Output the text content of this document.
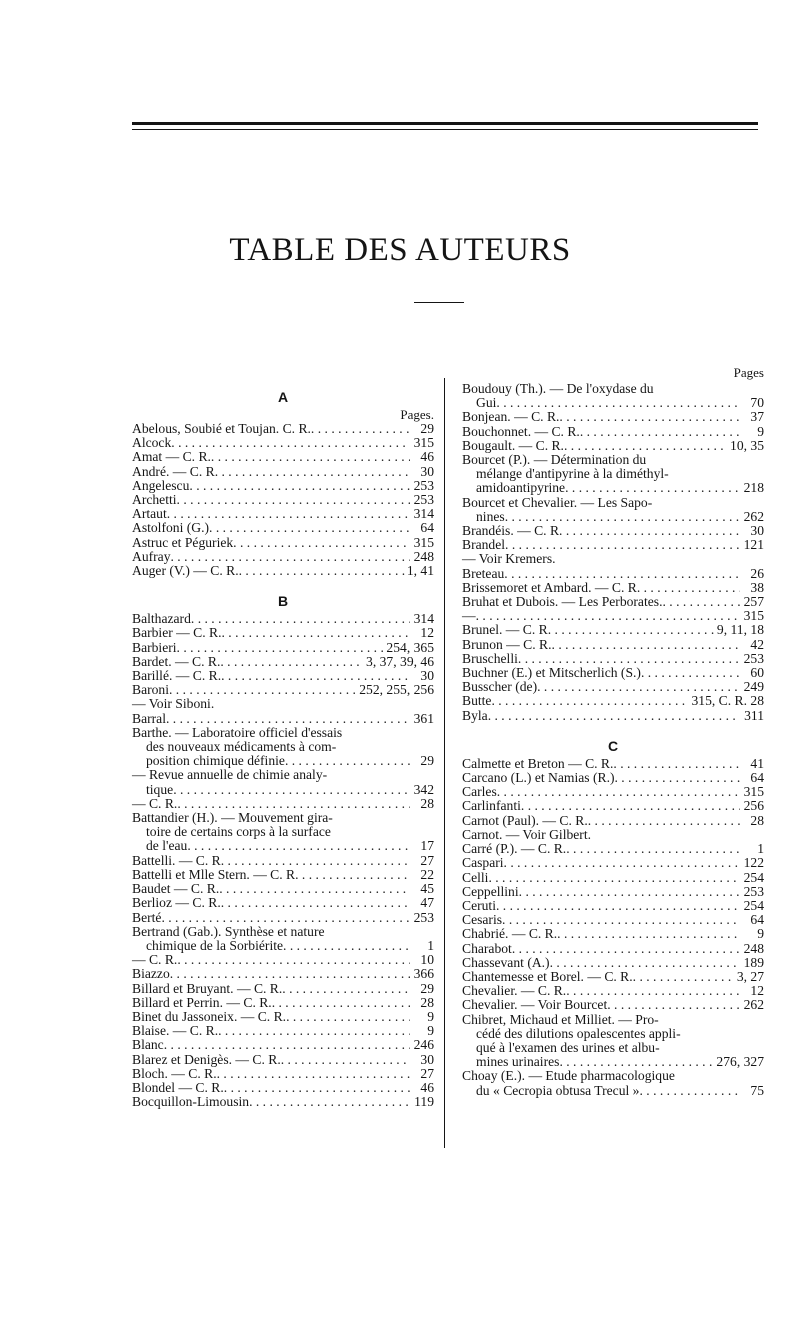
TABLE DES AUTEURS
A
Pages.
Abelous, Soubié et Toujan. C. R. . . .	29
Alcock . . .	315
Amat — C. R. . . .	46
André. — C. R . . .	30
Angelescu . . .	253
Archetti . . .	253
Artaut . . .	314
Astolfoni (G.) . . .	64
Astruc et Péguriek . . .	315
Aufray . . .	248
Auger (V.) — C. R. . . .	1, 41
B
Balthazard . . .	314
Barbier — C. R. . . .	12
Barbieri . . .	254, 365
Bardet. — C. R. . . .	3, 37, 39, 46
Barillé. — C. R. . . .	30
Baroni . . .	252, 255, 256
— Voir Siboni.
Barral . . .	361
Barthe. — Laboratoire officiel d'essais
des nouveaux médicaments à com-
position chimique définie . . .	29
— Revue annuelle de chimie analy-
tique . . .	342
— C. R. . . .	28
Battandier (H.). — Mouvement gira-
toire de certains corps à la surface
de l'eau . . .	17
Battelli. — C. R . . .	27
Battelli et Mlle Stern. — C. R . . .	22
Baudet — C. R. . . .	45
Berlioz — C. R. . . .	47
Berté . . .	253
Bertrand (Gab.). Synthèse et nature
chimique de la Sorbiérite . . .	1
— C. R. . . .	10
Biazzo . . .	366
Billard et Bruyant. — C. R. . . .	29
Billard et Perrin. — C. R. . . .	28
Binet du Jassoneix. — C. R. . . .	9
Blaise. — C. R. . . .	9
Blanc . . .	246
Blarez et Denigès. — C. R. . . .	30
Bloch. — C. R. . . .	27
Blondel — C. R. . . .	46
Bocquillon-Limousin . . .	119
Pages
Boudouy (Th.). — De l'oxydase du
Gui . . .	70
Bonjean. — C. R. . . .	37
Bouchonnet. — C. R. . . .	9
Bougault. — C. R. . . .	10, 35
Bourcet (P.). — Détermination du
mélange d'antipyrine à la diméthyl-
amidoantipyrine . . .	218
Bourcet et Chevalier. — Les Sapo-
nines . . .	262
Brandéis. — C. R . . .	30
Brandel . . .	121
— Voir Kremers.
Breteau . . .	26
Brissemoret et Ambard. — C. R . . .	38
Bruhat et Dubois. — Les Perborates. . . .	257
— . . .	315
Brunel. — C. R . . .	9, 11, 18
Brunon — C. R. . . .	42
Bruschelli . . .	253
Buchner (E.) et Mitscherlich (S.) . . .	60
Busscher (de) . . .	249
Butte . . .	315, C. R. 28
Byla . . .	311
C
Calmette et Breton — C. R. . . .	41
Carcano (L.) et Namias (R.) . . .	64
Carles . . .	315
Carlinfanti . . .	256
Carnot (Paul). — C. R. . . .	28
Carnot. — Voir Gilbert.
Carré (P.). — C. R. . . .	1
Caspari . . .	122
Celli . . .	254
Ceppellini . . .	253
Ceruti . . .	254
Cesaris . . .	64
Chabrié. — C. R. . . .	9
Charabot . . .	248
Chassevant (A.) . . .	189
Chantemesse et Borel. — C. R. . . .	3, 27
Chevalier. — C. R. . . .	12
Chevalier. — Voir Bourcet . . .	262
Chibret, Michaud et Milliet. — Pro-
cédé des dilutions opalescentes appli-
qué à l'examen des urines et albu-
mines urinaires . . .	276, 327
Choay (E.). — Etude pharmacologique
du « Cecropia obtusa Trecul » . . .	75
